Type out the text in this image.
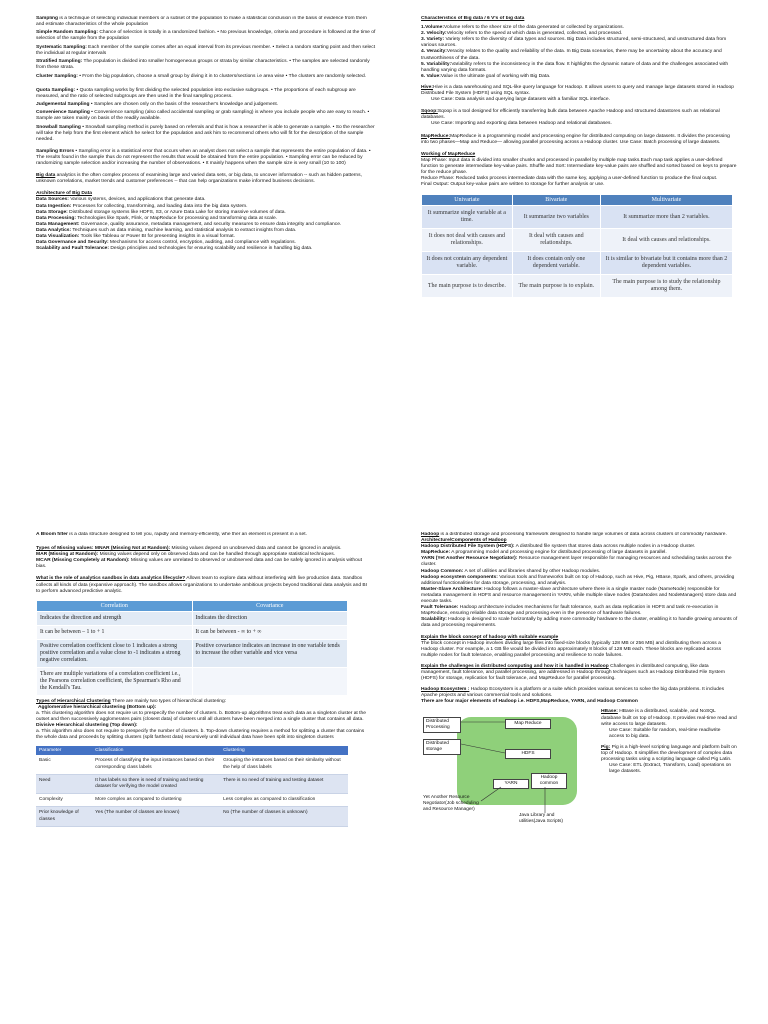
Sampling is a technique of selecting individual members or a subset of the population to make a statistical conclusion in the basis of evidence from them and estimate characteristics of the whole population

Simple Random Sampling: Chance of selection is totally in a randomized fashion. • No previous knowledge, criteria and procedure is followed at the time of selection of the sample from the population

Systematic Sampling: Each member of the sample comes after an equal interval from its previous member. • Select a random starting point and then select the individual at regular intervals

Stratified Sampling: The population is divided into smaller homogeneous groups or strata by similar characteristics. • The samples are selected randomly from these strata.

Cluster Sampling: • From the big population, choose a small group by diving it in to clusters/sections i.e area wise • The clusters are randomly selected.

Quota Sampling: • Quota sampling works by first dividing the selected population into exclusive subgroups. • The proportions of each subgroup are measured, and the ratio of selected subgroups are then used in the final sampling process.

Judgemental Sampling • Samples are chosen only on the basis of the researcher's knowledge and judgement.

Convenience Sampling • Convenience sampling (also called accidental sampling or grab sampling) is where you include people who are easy to reach. • Sample are taken mainly on basis of the readily available.

Snowball Sampling • Snowball sampling method is purely based on referrals and that is how a researcher is able to generate a sample. • So the researcher will take the help from the first element which he select for the population and ask him to recommend others who will fit for the description of the sample needed.

Sampling Errors • Sampling error is a statistical error that occurs when an analyst does not select a sample that represents the entire population of data. • The results found in the sample thus do not represent the results that would be obtained from the entire population. • Sampling error can be reduced by randomizing sample selection and/or increasing the number of observations. • It mainly happens when the sample size is very small (10 to 100)

Big data analytics is the often complex process of examining large and varied data sets, or big data, to uncover information -- such as hidden patterns, unknown correlations, market trends and customer preferences -- that can help organizations make informed business decisions.

Architecture of Big Data

Data Sources: Various systems, devices, and applications that generate data.

Data Ingestion: Processes for collecting, transforming, and loading data into the big data system.

Data Storage: Distributed storage systems like HDFS, S3, or Azure Data Lake for storing massive volumes of data.

Data Processing: Technologies like Spark, Flink, or MapReduce for processing and transforming data at scale.

Data Management: Governance, quality assurance, metadata management, and security measures to ensure data integrity and compliance.

Data Analytics: Techniques such as data mining, machine learning, and statistical analysis to extract insights from data.

Data Visualization: Tools like Tableau or Power BI for presenting insights in a visual format.

Data Governance and Security: Mechanisms for access control, encryption, auditing, and compliance with regulations.

Scalability and Fault Tolerance: Design principles and technologies for ensuring scalability and resilience in handling big data.

Characteristics of Big data / 6 V's of big data

1.Volume:Volume refers to the sheer size of the data generated or collected by organizations.

2. Velocity:Velocity refers to the speed at which data is generated, collected, and processed.

3. Variety: Variety refers to the diversity of data types and sources. Big Data includes structured, semi-structured, and unstructured data from various sources.

4. Veracity:Veracity relates to the quality and reliability of the data. In Big Data scenarios, there may be uncertainty about the accuracy and trustworthiness of the data.

5. Variability:Variability refers to the inconsistency in the data flow. It highlights the dynamic nature of data and the challenges associated with handling varying data formats.

6. Value:Value is the ultimate goal of working with Big Data.

Hive:Hive is a data warehousing and SQL-like query language for Hadoop. It allows users to query and manage large datasets stored in Hadoop Distributed File System (HDFS) using SQL syntax.

Use Case: Data analysis and querying large datasets with a familiar SQL interface.

Sqoop:Sqoop is a tool designed for efficiently transferring bulk data between Apache Hadoop and structured datastores such as relational databases.

Use Case: Importing and exporting data between Hadoop and relational databases.

MapReduce:MapReduce is a programming model and processing engine for distributed computing on large datasets. It divides the processing into two phases—Map and Reduce— allowing parallel processing across a Hadoop cluster. Use Case: Batch processing of large datasets.

Working of MapReduce

Map Phase: Input data is divided into smaller chunks and processed in parallel by multiple map tasks.Each map task applies a user-defined function to generate intermediate key-value pairs. Shuffle and Sort: Intermediate key-value pairs are shuffled and sorted based on keys to prepare for the reduce phase.

Reduce Phase: Reduced tasks process intermediate data with the same key, applying a user-defined function to produce the final output.

Final Output: Output key-value pairs are written to storage for further analysis or use.

Univariate	Bivariate	Multivariate
It summarize single variable at a time.	It summarize two variables	It summarize more than 2 variables.
It does not deal with causes and relationships.	It deal with causes and relationships.	It deal with causes and relationships.
It does not contain any dependent variable.	It does contain only one dependent variable.	It is similar to bivariate but it contains more than 2 dependent variables.
The main purpose is to describe.	The main purpose is to explain.	The main purpose is to study the relationship among them.

A Bloom filter is a data structure designed to tell you, rapidly and memory-efficiently, whe ther an element is present in a set.

Types of Missing values: MNAR (Missing Not at Random): Missing values depend on unobserved data and cannot be ignored in analysis.

MAR (Missing at Random): Missing values depend only on observed data and can be handled through appropriate statistical techniques.

MCAR (Missing Completely at Random): Missing values are unrelated to observed or unobserved data and can be safely ignored in analysis without bias.

What is the role of analytics sandbox in data analytics lifecycle? Allows team to explore data without interfering with live production data. Sandbox collects all kinds of data (expansive approach). The sandbox allows organizations to undertake ambitious projects beyond traditional data analysis and BI to perform advanced predictive analytic.

Correlation	Covariance
Indicates the direction and strength	Indicates the direction
It can be between – 1 to + 1	It can be between - ∞ to + ∞
Positive correlation coefficient close to 1 indicates a strong positive correlation and a value close to -1 indicates a strong negative correlation.	Positive covariance indicates an increase in one variable tends to increase the other variable and vice versa
There are multiple variations of a correlation coefficient i.e., the Pearsons correlation coefficient, the Spearman's Rho and the Kendall's Tau.	

Types of Hierarchical Clustering There are mainly two types of hierarchical clustering:

Agglomerative hierarchical clustering (Bottom up):

a. This clustering algorithm does not require us to prespecify the number of clusters. b. Bottom-up algorithms treat each data as a singleton cluster at the outset and then successively agglomerates pairs (closest data) of clusters until all clusters have been merged into a single cluster that contains all data.

Divisive Hierarchical clustering (Top down):

a. This algorithm also does not require to prespecify the number of clusters. b. Top-down clustering requires a method for splitting a cluster that contains the whole data and proceeds by splitting clusters (split farthest data) recursively until individual data have been split into singleton clusters

Parameter	Classification	Clustering
Basic	Process of classifying the input instances based on their corresponding class labels	Grouping the instances based on their similarity without the help of class labels
Need	It has labels so there is need of training and testing dataset for verifying the model created	There is no need of training and testing dataset
Complexity	More complex as compared to clustering	Less complex as compared to classification
Prior knowledge of classes	Yes (The number of classes are known)	No (The number of classes is unknown)

Hadoop is a distributed storage and processing framework designed to handle large volumes of data across clusters of commodity hardware.

Architecture/Components of Hadoop

Hadoop Distributed File System (HDFS): A distributed file system that stores data across multiple nodes in a Hadoop cluster.

MapReduce: A programming model and processing engine for distributed processing of large datasets in parallel.

YARN (Yet Another Resource Negotiator): Resource management layer responsible for managing resources and scheduling tasks across the cluster.

Hadoop Common: A set of utilities and libraries shared by other Hadoop modules.

Hadoop ecosystem components: Various tools and frameworks built on top of Hadoop, such as Hive, Pig, HBase, Spark, and others, providing additional functionalities for data storage, processing, and analysis.

Master-Slave Architecture: Hadoop follows a master-slave architecture where there is a single master node (NameNode) responsible for metadata management in HDFS and resource management in YARN, while multiple slave nodes (DataNodes and NodeManagers) store data and execute tasks.

Fault Tolerance: Hadoop architecture includes mechanisms for fault tolerance, such as data replication in HDFS and task re-execution in MapReduce, ensuring reliable data storage and processing even in the presence of hardware failures.

Scalability: Hadoop is designed to scale horizontally by adding more commodity hardware to the cluster, enabling it to handle growing amounts of data and processing requirements.

Explain the block concept of hadoop with suitable example

The block concept in Hadoop involves dividing large files into fixed-size blocks (typically 128 MB or 256 MB) and distributing them across a Hadoop cluster. For example, a 1 GB file would be divided into approximately 8 blocks of 128 MB each. These blocks are replicated across multiple nodes for fault tolerance, enabling parallel processing and resilience to node failures.

Explain the challenges in distributed computing and how it is handled in Hadoop Challenges in distributed computing, like data management, fault tolerance, and parallel processing, are addressed in Hadoop through techniques such as Hadoop Distributed File System (HDFS) for storage, replication for fault tolerance, and MapReduce for parallel processing.

Hadoop Ecosystem : Hadoop Ecosystem is a platform or a suite which provides various services to solve the big data problems. It includes Apache projects and various commercial tools and solutions.

There are four major elements of Hadoop i.e. HDFS,MapReduce, YARN, and Hadoop Common

Distributed Processing
Distributed storage
Map Reduce
HDFS
YARN
Hadoop common
Yet Another Resource Negotiator(Job scheduling and Resource Manager)
Java Library and utilities(Java Scripts)

HBase: HBase is a distributed, scalable, and NoSQL database built on top of Hadoop. It provides real-time read and write access to large datasets.

Use Case: Suitable for random, real-time read/write access to big data.

Pig: Pig is a high-level scripting language and platform built on top of Hadoop. It simplifies the development of complex data processing tasks using a scripting language called Pig Latin.

Use Case: ETL (Extract, Transform, Load) operations on large datasets.
